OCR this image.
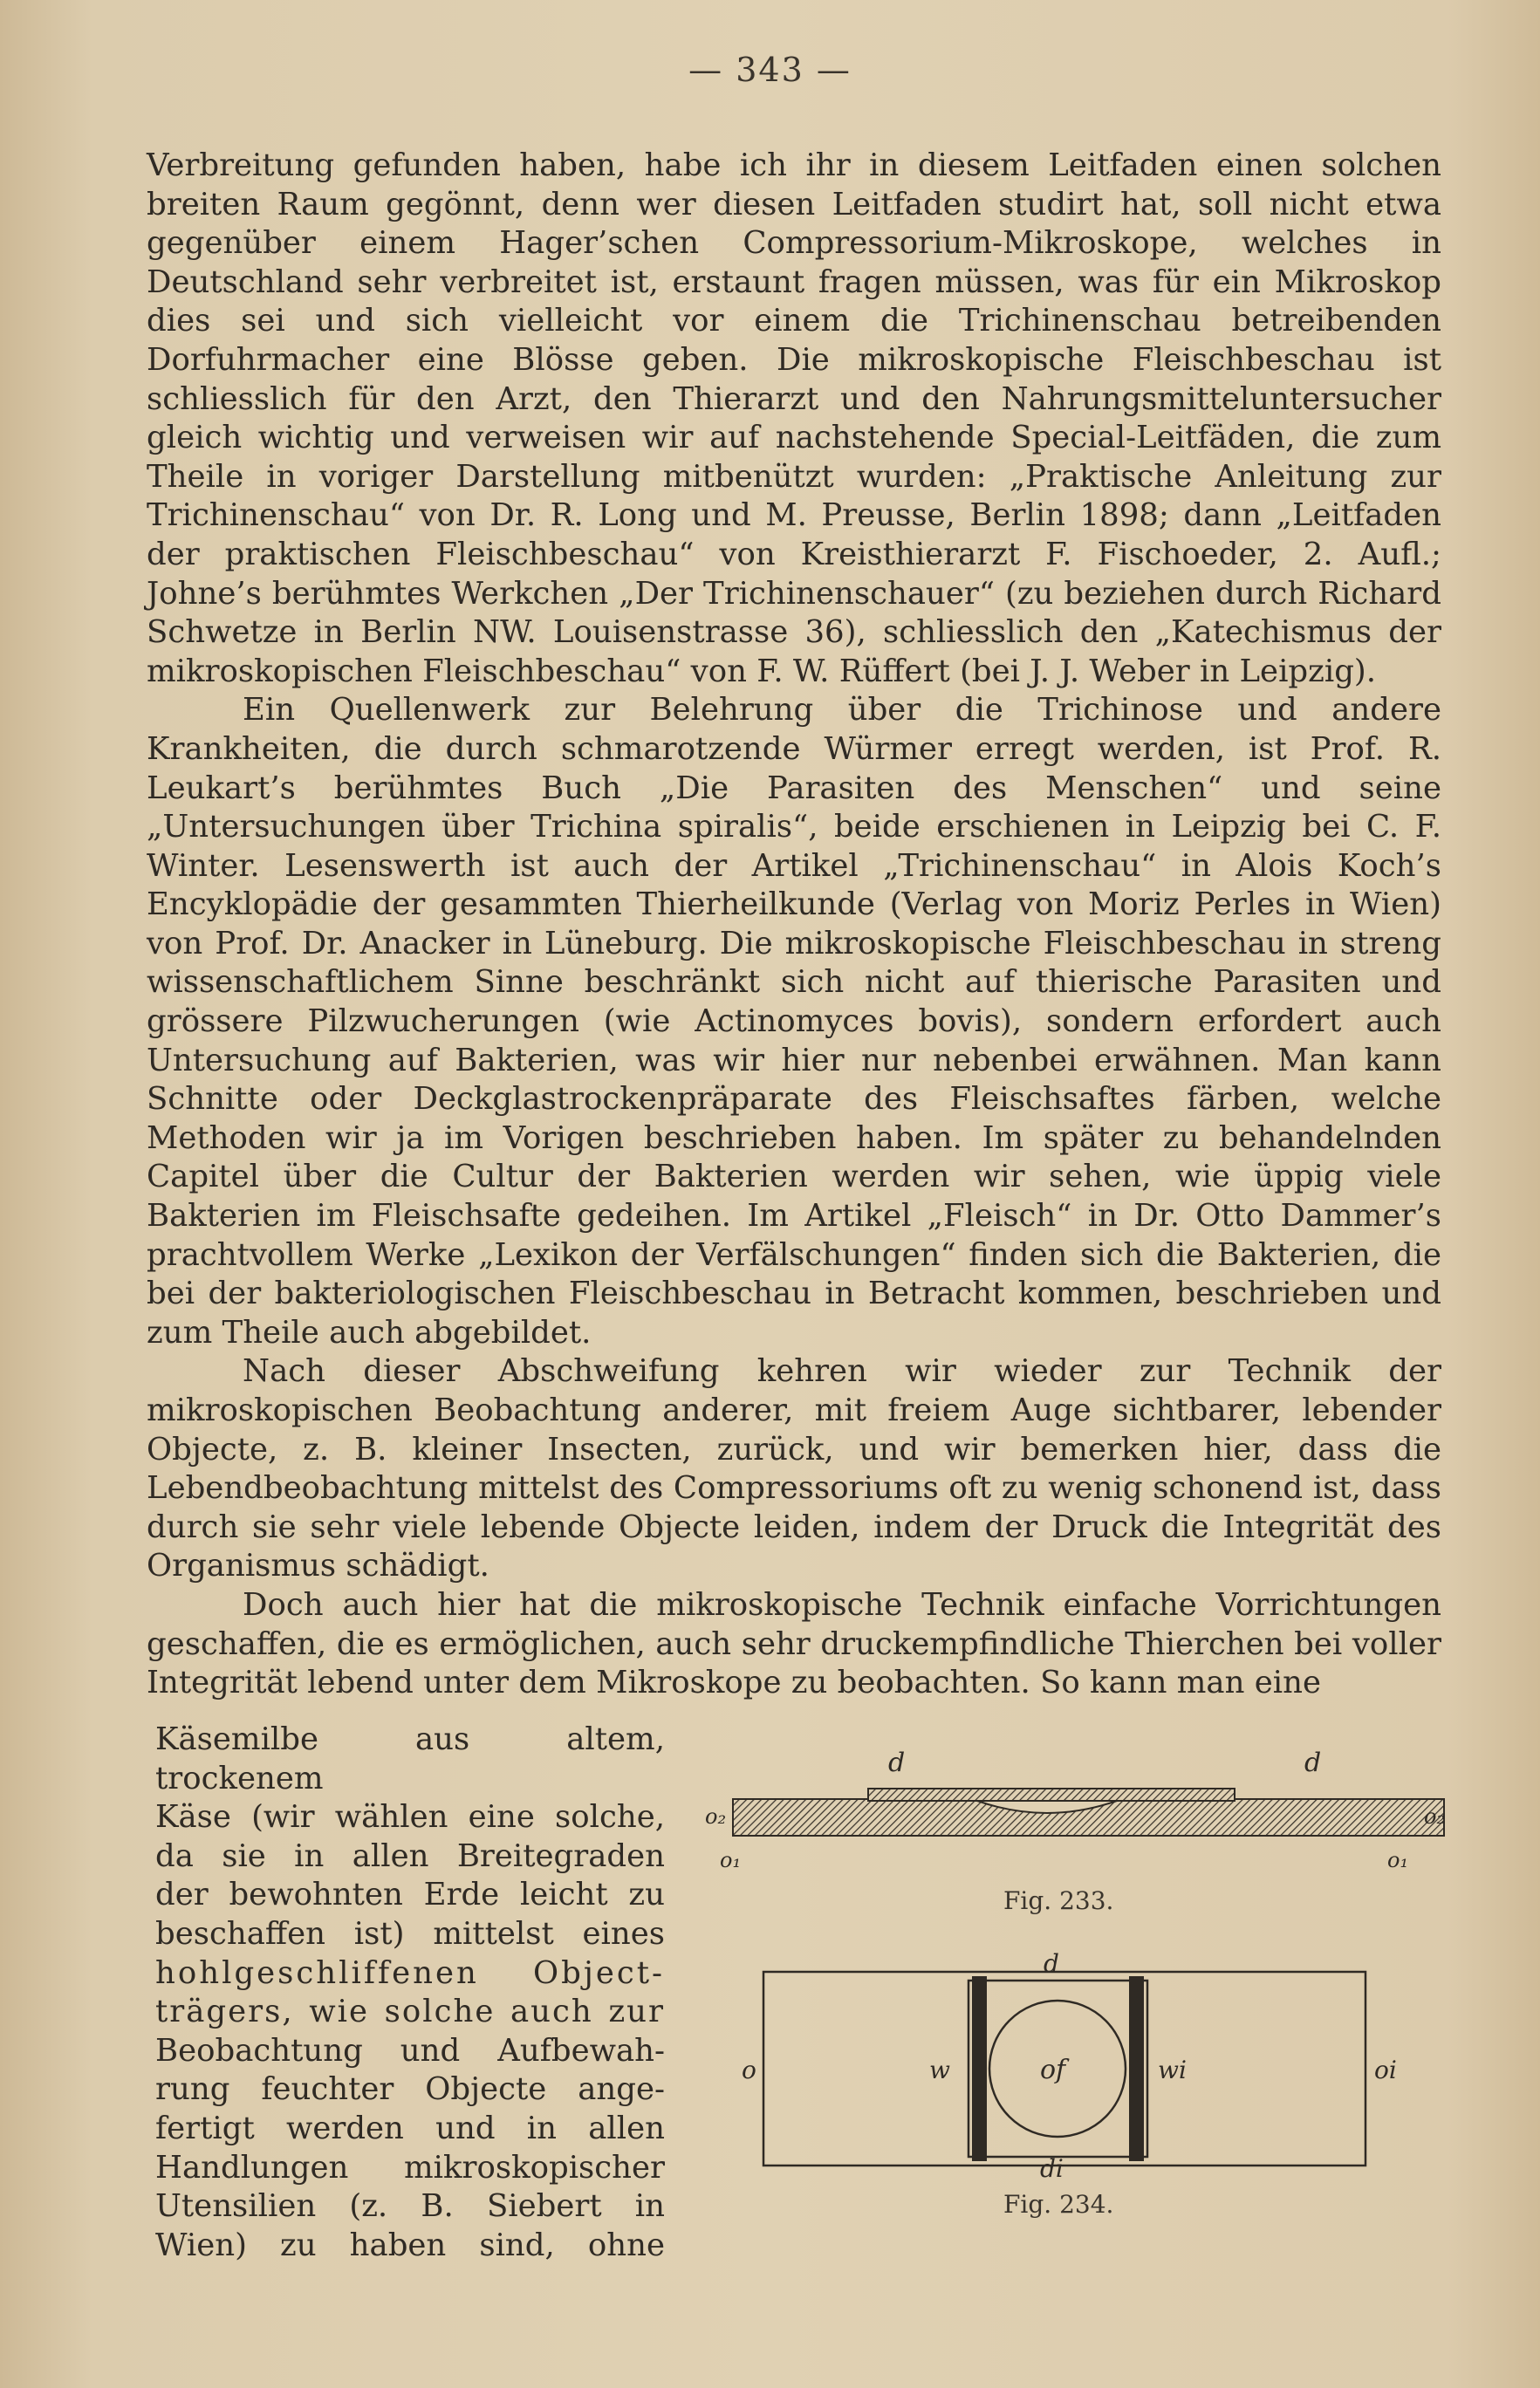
— 343 —

Verbreitung gefunden haben, habe ich ihr in diesem Leitfaden einen solchen breiten Raum gegönnt, denn wer diesen Leitfaden studirt hat, soll nicht etwa gegenüber einem Hager’schen Compressorium-Mikroskope, welches in Deutschland sehr verbreitet ist, erstaunt fragen müssen, was für ein Mikroskop dies sei und sich vielleicht vor einem die Trichinenschau betreibenden Dorfuhrmacher eine Blösse geben. Die mikroskopische Fleischbeschau ist schliesslich für den Arzt, den Thierarzt und den Nahrungsmitteluntersucher gleich wichtig und verweisen wir auf nachstehende Special-Leitfäden, die zum Theile in voriger Darstellung mitbenützt wurden: „Praktische Anleitung zur Trichinenschau“ von Dr. R. Long und M. Preusse, Berlin 1898; dann „Leitfaden der praktischen Fleischbeschau“ von Kreisthierarzt F. Fischoeder, 2. Aufl.; Johne’s berühmtes Werkchen „Der Trichinenschauer“ (zu beziehen durch Richard Schwetze in Berlin NW. Louisenstrasse 36), schliesslich den „Katechismus der mikroskopischen Fleischbeschau“ von F. W. Rüffert (bei J. J. Weber in Leipzig).

Ein Quellenwerk zur Belehrung über die Trichinose und andere Krankheiten, die durch schmarotzende Würmer erregt werden, ist Prof. R. Leukart’s berühmtes Buch „Die Parasiten des Menschen“ und seine „Untersuchungen über Trichina spiralis“, beide erschienen in Leipzig bei C. F. Winter. Lesenswerth ist auch der Artikel „Trichinenschau“ in Alois Koch’s Encyklopädie der gesammten Thierheilkunde (Verlag von Moriz Perles in Wien) von Prof. Dr. Anacker in Lüneburg. Die mikroskopische Fleischbeschau in streng wissenschaftlichem Sinne beschränkt sich nicht auf thierische Parasiten und grössere Pilzwucherungen (wie Actinomyces bovis), sondern erfordert auch Untersuchung auf Bakterien, was wir hier nur nebenbei erwähnen. Man kann Schnitte oder Deckglastrockenpräparate des Fleischsaftes färben, welche Methoden wir ja im Vorigen beschrieben haben. Im später zu behandelnden Capitel über die Cultur der Bakterien werden wir sehen, wie üppig viele Bakterien im Fleischsafte gedeihen. Im Artikel „Fleisch“ in Dr. Otto Dammer’s prachtvollem Werke „Lexikon der Verfälschungen“ finden sich die Bakterien, die bei der bakteriologischen Fleischbeschau in Betracht kommen, beschrieben und zum Theile auch abgebildet.

Nach dieser Abschweifung kehren wir wieder zur Technik der mikroskopischen Beobachtung anderer, mit freiem Auge sichtbarer, lebender Objecte, z. B. kleiner Insecten, zurück, und wir bemerken hier, dass die Lebendbeobachtung mittelst des Compressoriums oft zu wenig schonend ist, dass durch sie sehr viele lebende Objecte leiden, indem der Druck die Integrität des Organismus schädigt.

Doch auch hier hat die mikroskopische Technik einfache Vorrichtungen geschaffen, die es ermöglichen, auch sehr druckempfindliche Thierchen bei voller Integrität lebend unter dem Mikroskope zu beobachten. So kann man eine

Käsemilbe aus altem, trockenem
Käse (wir wählen eine solche,
da sie in allen Breitegraden
der bewohnten Erde leicht zu
beschaffen ist) mittelst eines
hohlgeschliffenen Object-
trägers, wie solche auch zur
Beobachtung und Aufbewah-
rung feuchter Objecte ange-
fertigt werden und in allen
Handlungen mikroskopischer
Utensilien (z. B. Siebert in
Wien) zu haben sind, ohne
d	d
o₂	o₂
o₁	o₁
Fig. 233.
d
di
o	oi
w	wi
of
Fig. 234.
